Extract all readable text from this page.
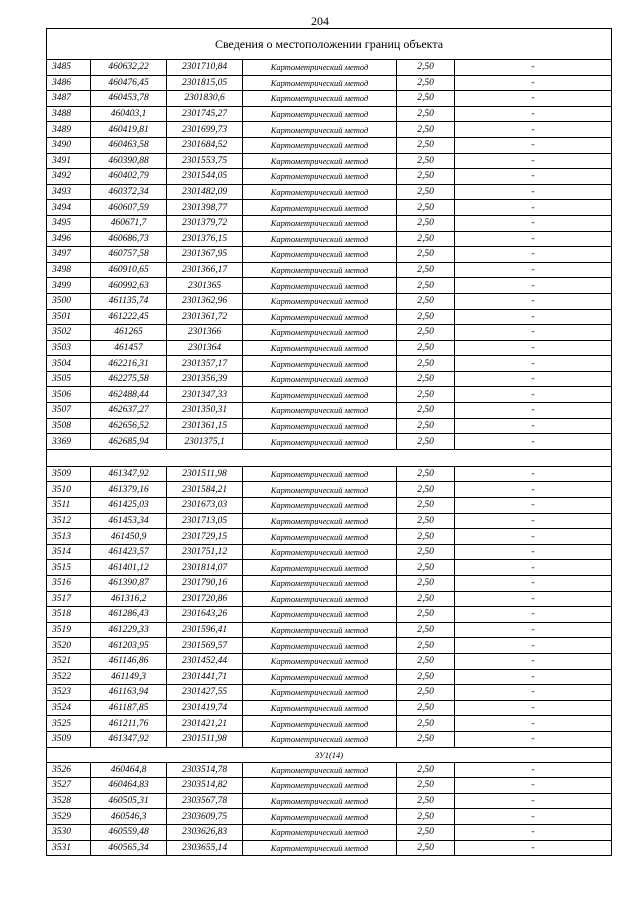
204
Сведения о местоположении границ объекта					
3485	460632,22	2301710,84	Картометрический метод	2,50	-
3486	460476,45	2301815,05	Картометрический метод	2,50	-
3487	460453,78	2301830,6	Картометрический метод	2,50	-
3488	460403,1	2301745,27	Картометрический метод	2,50	-
3489	460419,81	2301699,73	Картометрический метод	2,50	-
3490	460463,58	2301684,52	Картометрический метод	2,50	-
3491	460390,88	2301553,75	Картометрический метод	2,50	-
3492	460402,79	2301544,05	Картометрический метод	2,50	-
3493	460372,34	2301482,09	Картометрический метод	2,50	-
3494	460607,59	2301398,77	Картометрический метод	2,50	-
3495	460671,7	2301379,72	Картометрический метод	2,50	-
3496	460686,73	2301376,15	Картометрический метод	2,50	-
3497	460757,58	2301367,95	Картометрический метод	2,50	-
3498	460910,65	2301366,17	Картометрический метод	2,50	-
3499	460992,63	2301365	Картометрический метод	2,50	-
3500	461135,74	2301362,96	Картометрический метод	2,50	-
3501	461222,45	2301361,72	Картометрический метод	2,50	-
3502	461265	2301366	Картометрический метод	2,50	-
3503	461457	2301364	Картометрический метод	2,50	-
3504	462216,31	2301357,17	Картометрический метод	2,50	-
3505	462275,58	2301356,39	Картометрический метод	2,50	-
3506	462488,44	2301347,33	Картометрический метод	2,50	-
3507	462637,27	2301350,31	Картометрический метод	2,50	-
3508	462656,52	2301361,15	Картометрический метод	2,50	-
3369	462685,94	2301375,1	Картометрический метод	2,50	-

3509	461347,92	2301511,98	Картометрический метод	2,50	-
3510	461379,16	2301584,21	Картометрический метод	2,50	-
3511	461425,03	2301673,03	Картометрический метод	2,50	-
3512	461453,34	2301713,05	Картометрический метод	2,50	-
3513	461450,9	2301729,15	Картометрический метод	2,50	-
3514	461423,57	2301751,12	Картометрический метод	2,50	-
3515	461401,12	2301814,07	Картометрический метод	2,50	-
3516	461390,87	2301790,16	Картометрический метод	2,50	-
3517	461316,2	2301720,86	Картометрический метод	2,50	-
3518	461286,43	2301643,26	Картометрический метод	2,50	-
3519	461229,33	2301596,41	Картометрический метод	2,50	-
3520	461203,95	2301569,57	Картометрический метод	2,50	-
3521	461146,86	2301452,44	Картометрический метод	2,50	-
3522	461149,3	2301441,71	Картометрический метод	2,50	-
3523	461163,94	2301427,55	Картометрический метод	2,50	-
3524	461187,85	2301419,74	Картометрический метод	2,50	-
3525	461211,76	2301421,21	Картометрический метод	2,50	-
3509	461347,92	2301511,98	Картометрический метод	2,50	-
ЗУ1(14)					
3526	460464,8	2303514,78	Картометрический метод	2,50	-
3527	460464,83	2303514,82	Картометрический метод	2,50	-
3528	460505,31	2303567,78	Картометрический метод	2,50	-
3529	460546,3	2303609,75	Картометрический метод	2,50	-
3530	460559,48	2303626,83	Картометрический метод	2,50	-
3531	460565,34	2303655,14	Картометрический метод	2,50	-
